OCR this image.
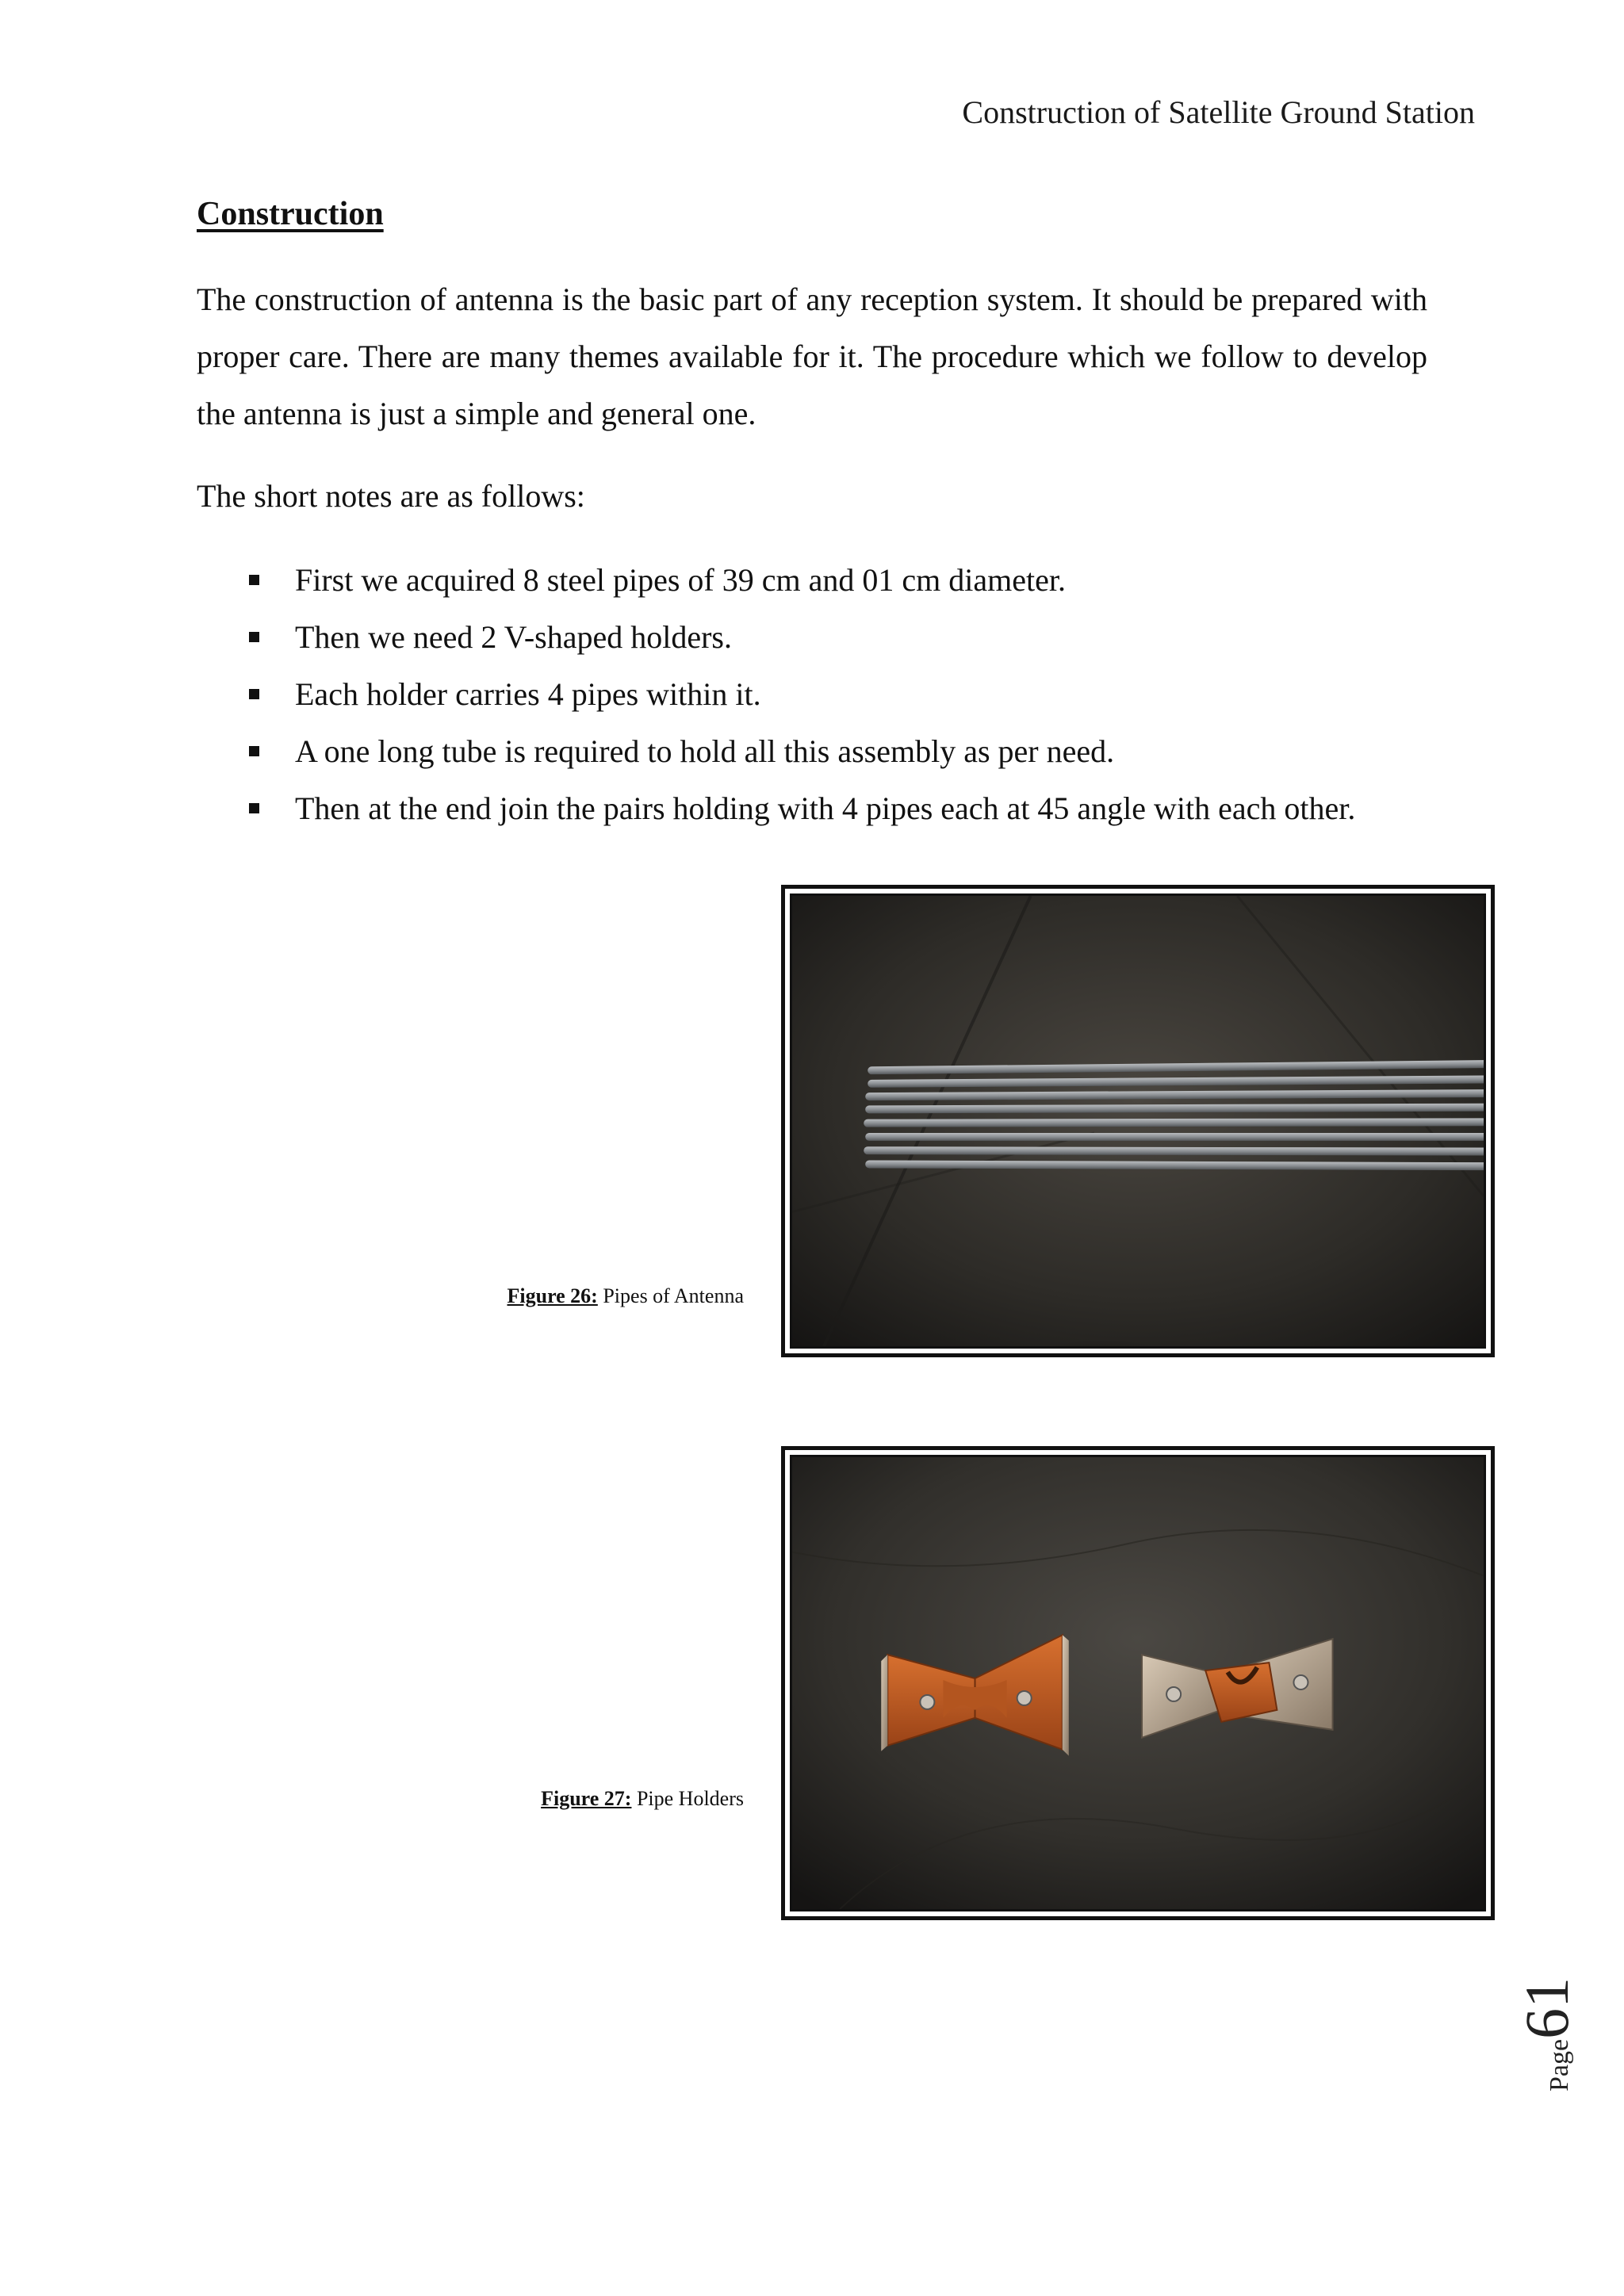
Construction of Satellite Ground Station
Construction

The construction of antenna is the basic part of any reception system. It should be prepared with proper care. There are many themes available for it. The procedure which we follow to develop the antenna is just a simple and general one.

The short notes are as follows:

First we acquired 8 steel pipes of 39 cm and 01 cm diameter.
Then we need 2 V-shaped holders.
Each holder carries 4 pipes within it.
A one long tube is required to hold all this assembly as per need.
Then at the end join the pairs holding with 4 pipes each at 45 angle with each other.
Figure 26: Pipes of Antenna
Figure 27: Pipe Holders
Page61
